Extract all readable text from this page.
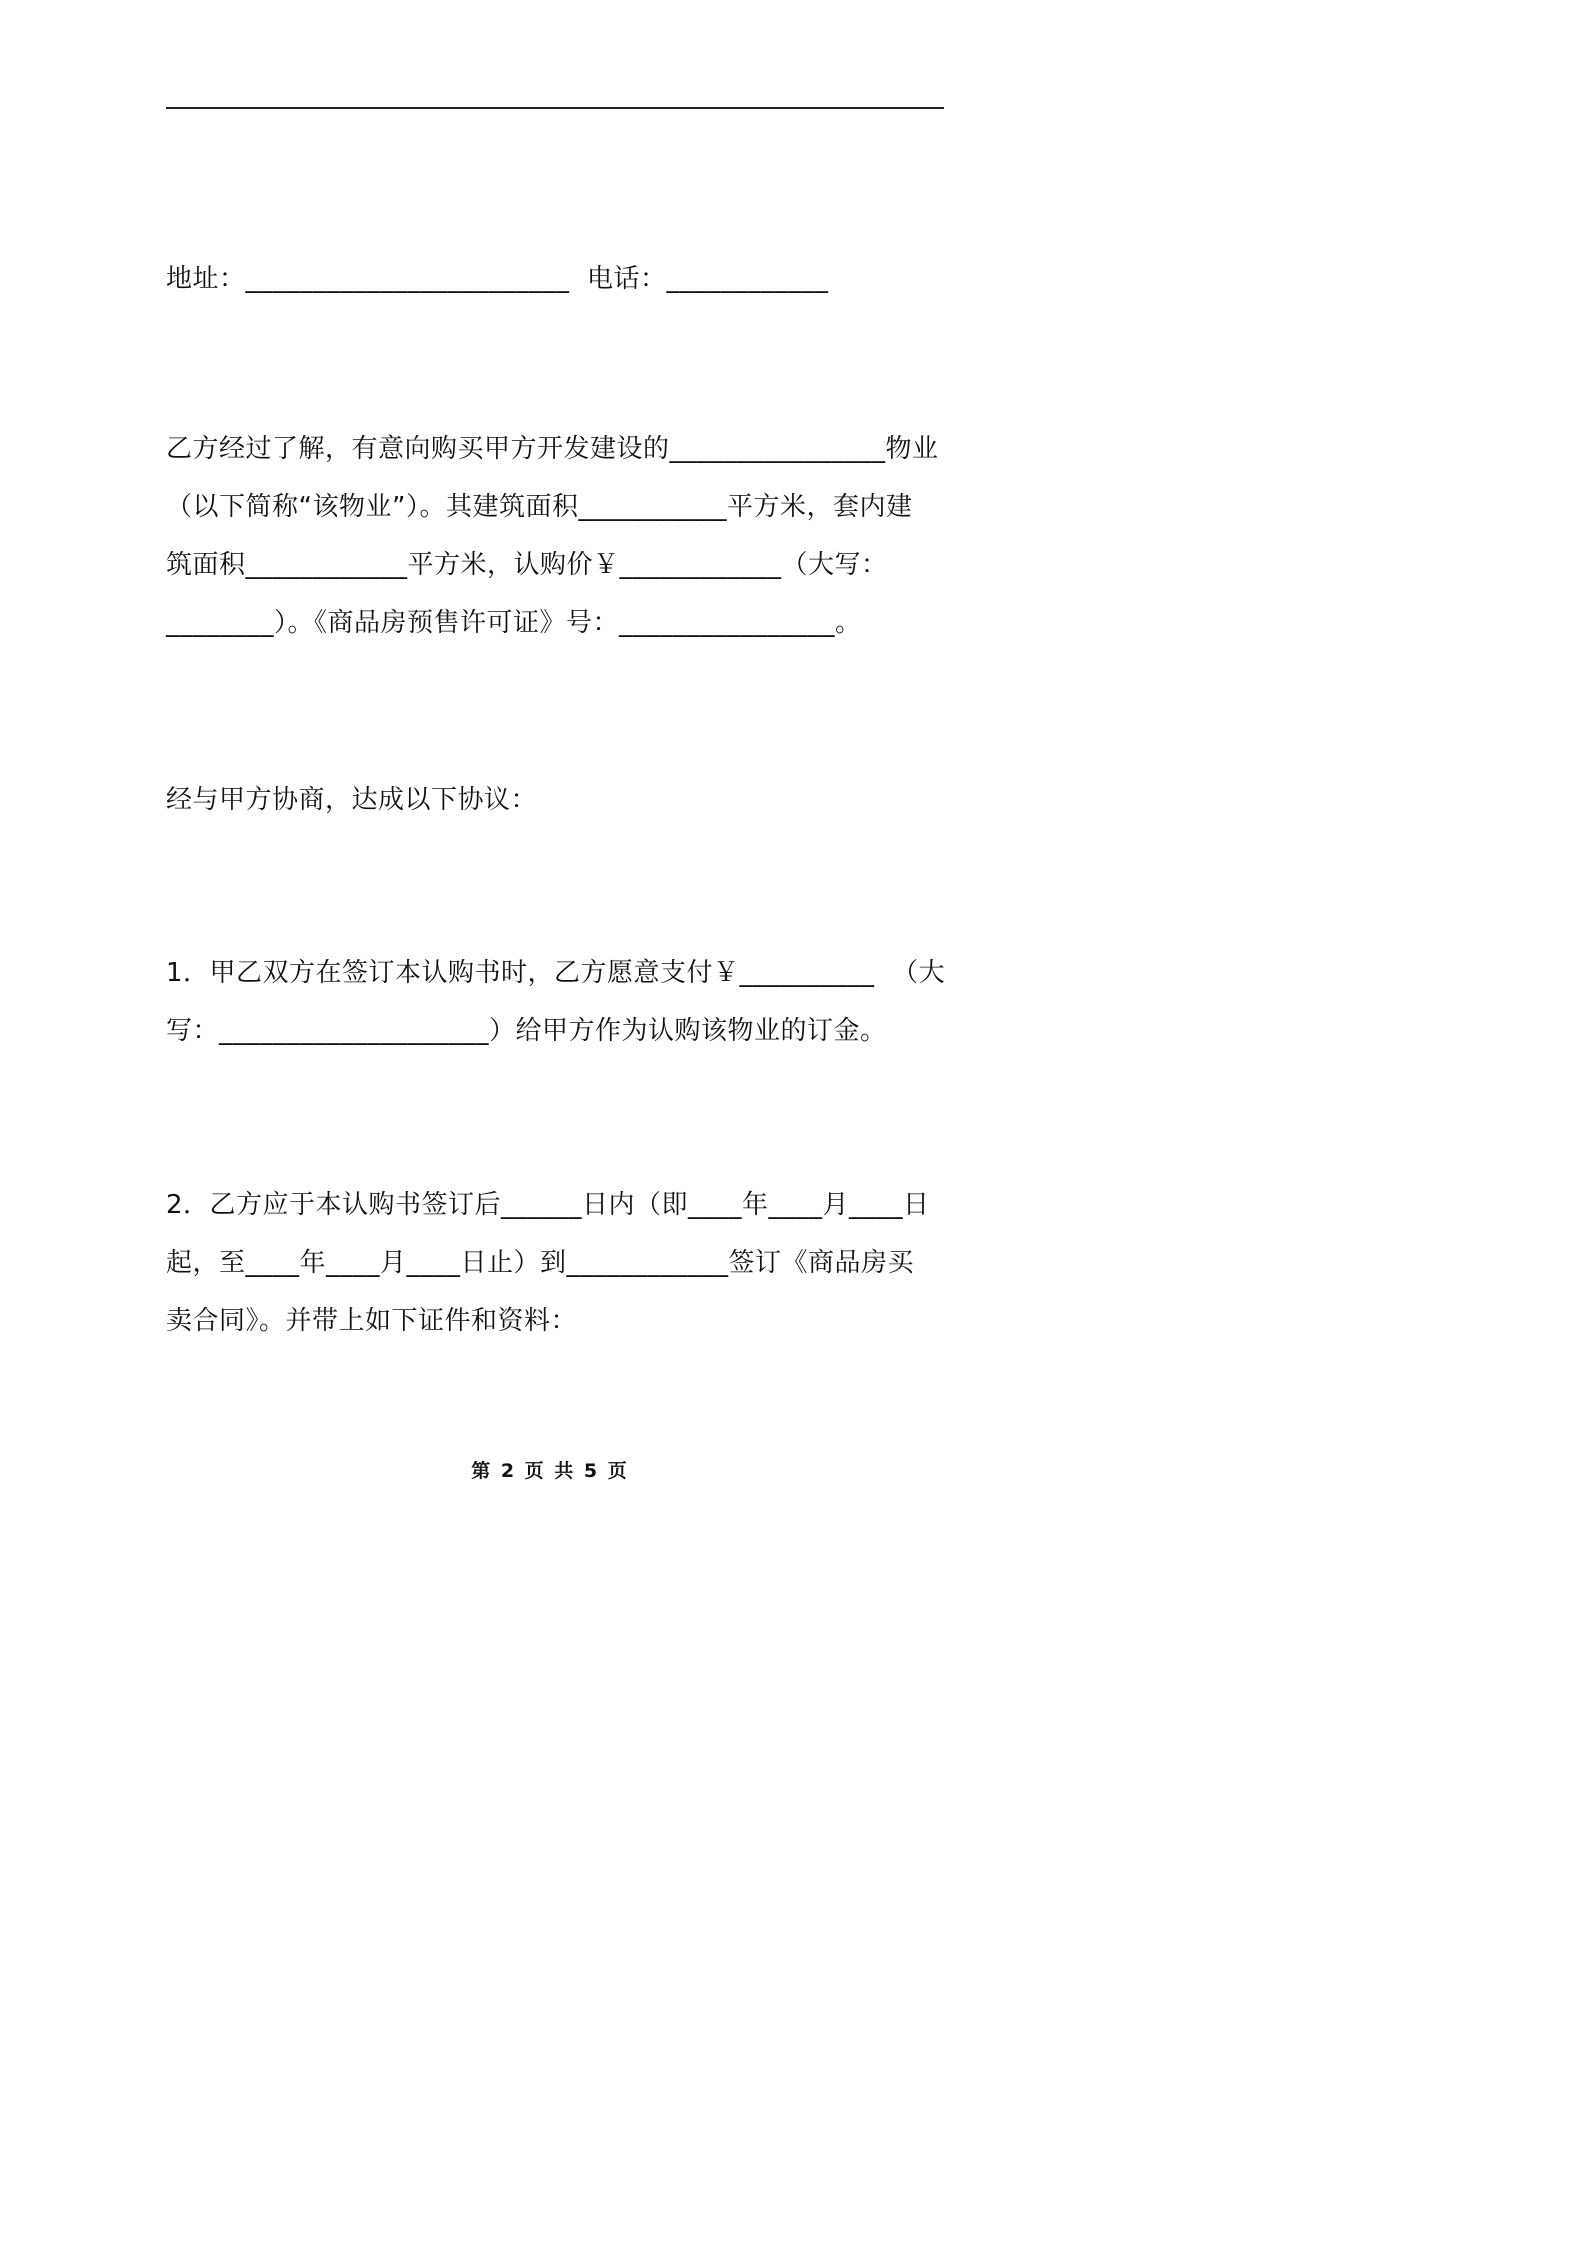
地址：________________________  电话：____________
乙方经过了解，有意向购买甲方开发建设的________________物业
（以下简称“该物业”）。其建筑面积___________平方米，套内建
筑面积____________平方米，认购价￥____________（大写：
________）。《商品房预售许可证》号：________________。
经与甲方协商，达成以下协议：
1．甲乙双方在签订本认购书时，乙方愿意支付￥__________  （大
写：____________________）给甲方作为认购该物业的订金。
2．乙方应于本认购书签订后______日内（即____年____月____日
起，至____年____月____日止）到____________签订《商品房买
卖合同》。并带上如下证件和资料：
第 2 页 共 5 页
